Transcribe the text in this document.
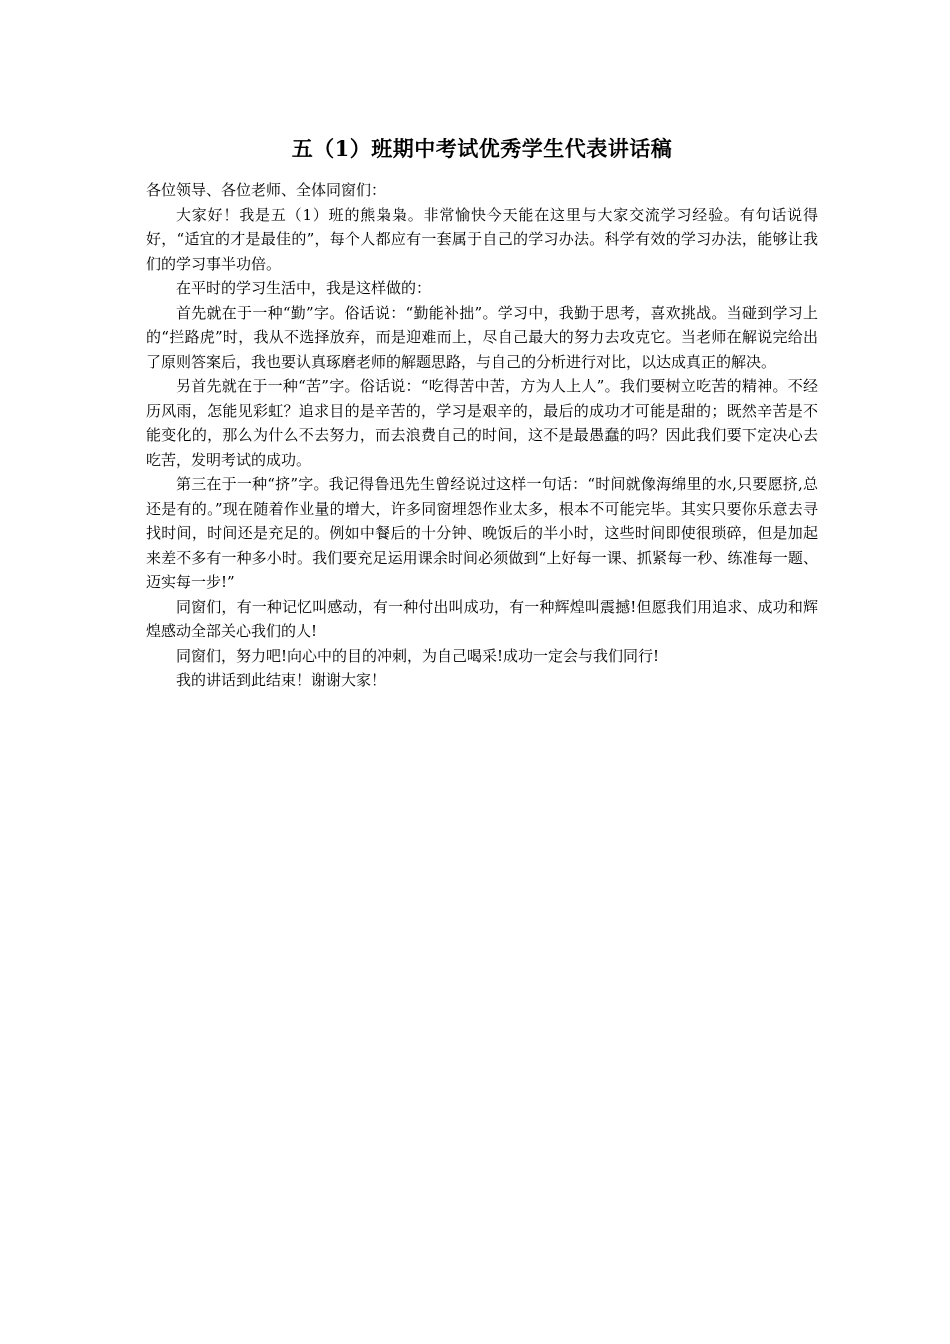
五（1）班期中考试优秀学生代表讲话稿

各位领导、各位老师、全体同窗们：

大家好！我是五（1）班的熊枭枭。非常愉快今天能在这里与大家交流学习经验。有句话说得好，“适宜的才是最佳的”，每个人都应有一套属于自己的学习办法。科学有效的学习办法，能够让我们的学习事半功倍。

在平时的学习生活中，我是这样做的：

首先就在于一种“勤”字。俗话说：“勤能补拙”。学习中，我勤于思考，喜欢挑战。当碰到学习上的“拦路虎”时，我从不选择放弃，而是迎难而上，尽自己最大的努力去攻克它。当老师在解说完给出了原则答案后，我也要认真琢磨老师的解题思路，与自己的分析进行对比，以达成真正的解决。

另首先就在于一种“苦”字。俗话说：“吃得苦中苦，方为人上人”。我们要树立吃苦的精神。不经历风雨，怎能见彩虹？追求目的是辛苦的，学习是艰辛的，最后的成功才可能是甜的；既然辛苦是不能变化的，那么为什么不去努力，而去浪费自己的时间，这不是最愚蠢的吗？因此我们要下定决心去吃苦，发明考试的成功。

第三在于一种“挤”字。我记得鲁迅先生曾经说过这样一句话：“时间就像海绵里的水,只要愿挤,总还是有的。”现在随着作业量的增大，许多同窗埋怨作业太多，根本不可能完毕。其实只要你乐意去寻找时间，时间还是充足的。例如中餐后的十分钟、晚饭后的半小时，这些时间即使很琐碎，但是加起来差不多有一种多小时。我们要充足运用课余时间必须做到“上好每一课、抓紧每一秒、练准每一题、迈实每一步!”

同窗们，有一种记忆叫感动，有一种付出叫成功，有一种辉煌叫震撼!但愿我们用追求、成功和辉煌感动全部关心我们的人!

同窗们，努力吧!向心中的目的冲刺，为自己喝采!成功一定会与我们同行!

我的讲话到此结束！谢谢大家！
